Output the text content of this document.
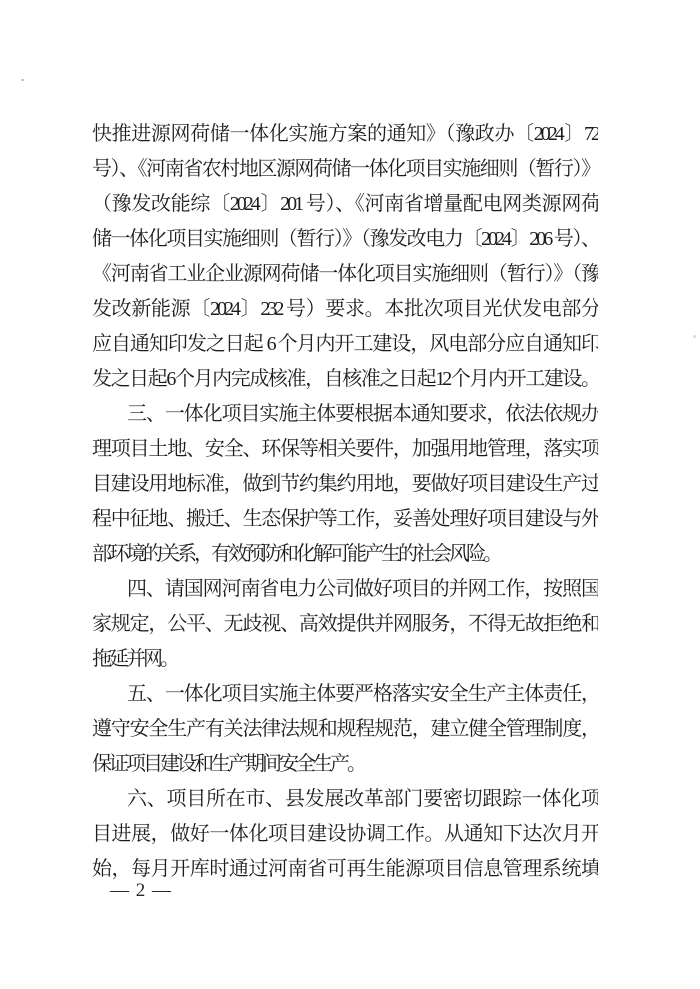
快推进源网荷储一体化实施方案的通知》（豫政办〔2024〕72
号）、《河南省农村地区源网荷储一体化项目实施细则（暂行）》
（豫发改能综〔2024〕201 号）、《河南省增量配电网类源网荷
储一体化项目实施细则（暂行）》（豫发改电力〔2024〕206 号）、
《河南省工业企业源网荷储一体化项目实施细则（暂行）》（豫
发改新能源〔2024〕232 号）要求。本批次项目光伏发电部分
应自通知印发之日起 6 个月内开工建设，风电部分应自通知印
发之日起6个月内完成核准，自核准之日起12个月内开工建设。
三、一体化项目实施主体要根据本通知要求，依法依规办
理项目土地、安全、环保等相关要件，加强用地管理，落实项
目建设用地标准，做到节约集约用地，要做好项目建设生产过
程中征地、搬迁、生态保护等工作，妥善处理好项目建设与外
部环境的关系，有效预防和化解可能产生的社会风险。
四、请国网河南省电力公司做好项目的并网工作，按照国
家规定，公平、无歧视、高效提供并网服务，不得无故拒绝和
拖延并网。
五、一体化项目实施主体要严格落实安全生产主体责任，
遵守安全生产有关法律法规和规程规范，建立健全管理制度，
保证项目建设和生产期间安全生产。
六、项目所在市、县发展改革部门要密切跟踪一体化项
目进展，做好一体化项目建设协调工作。从通知下达次月开
始，每月开库时通过河南省可再生能源项目信息管理系统填
— 2 —
